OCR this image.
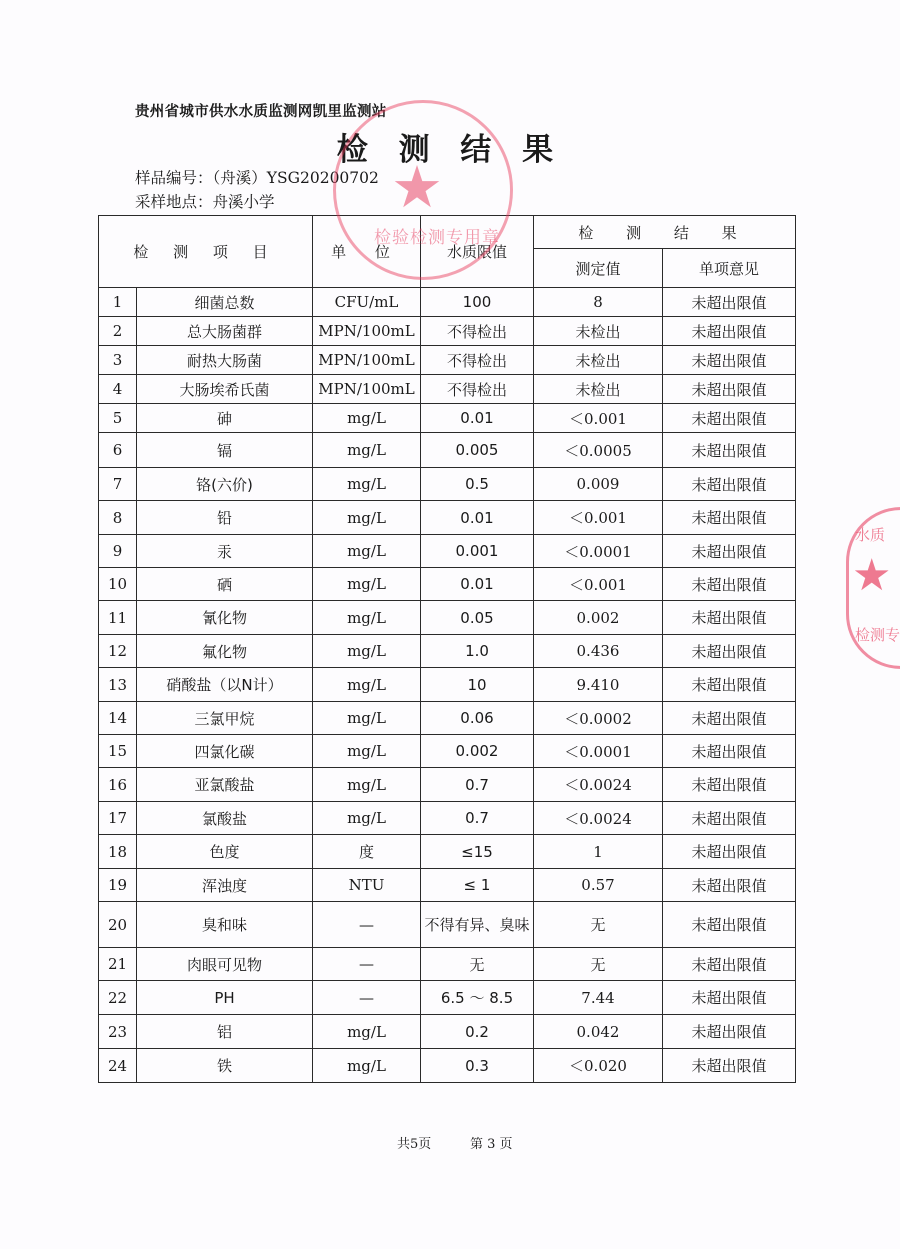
贵州省城市供水水质监测网凯里监测站
检 测 结 果
样品编号：（舟溪）YSG20200702
采样地点：舟溪小学 ★
检验检测专用章
水质
★
检测专
检 测 项 目		单 位	水质限值	检 测 结 果	
				测定值	单项意见
1	细菌总数	CFU/mL	100	8	未超出限值
2	总大肠菌群	MPN/100mL	不得检出	未检出	未超出限值
3	耐热大肠菌	MPN/100mL	不得检出	未检出	未超出限值
4	大肠埃希氏菌	MPN/100mL	不得检出	未检出	未超出限值
5	砷	mg/L	0.01	＜0.001	未超出限值
6	镉	mg/L	0.005	＜0.0005	未超出限值
7	铬(六价)	mg/L	0.5	0.009	未超出限值
8	铅	mg/L	0.01	＜0.001	未超出限值
9	汞	mg/L	0.001	＜0.0001	未超出限值
10	硒	mg/L	0.01	＜0.001	未超出限值
11	氰化物	mg/L	0.05	0.002	未超出限值
12	氟化物	mg/L	1.0	0.436	未超出限值
13	硝酸盐（以N计）	mg/L	10	9.410	未超出限值
14	三氯甲烷	mg/L	0.06	＜0.0002	未超出限值
15	四氯化碳	mg/L	0.002	＜0.0001	未超出限值
16	亚氯酸盐	mg/L	0.7	＜0.0024	未超出限值
17	氯酸盐	mg/L	0.7	＜0.0024	未超出限值
18	色度	度	≤15	1	未超出限值
19	浑浊度	NTU	≤ 1	0.57	未超出限值
20	臭和味	—	不得有异、臭味	无	未超出限值
21	肉眼可见物	—	无	无	未超出限值
22	PH	—	6.5 ～ 8.5	7.44	未超出限值
23	铝	mg/L	0.2	0.042	未超出限值
24	铁	mg/L	0.3	＜0.020	未超出限值
共5页	第 3 页
